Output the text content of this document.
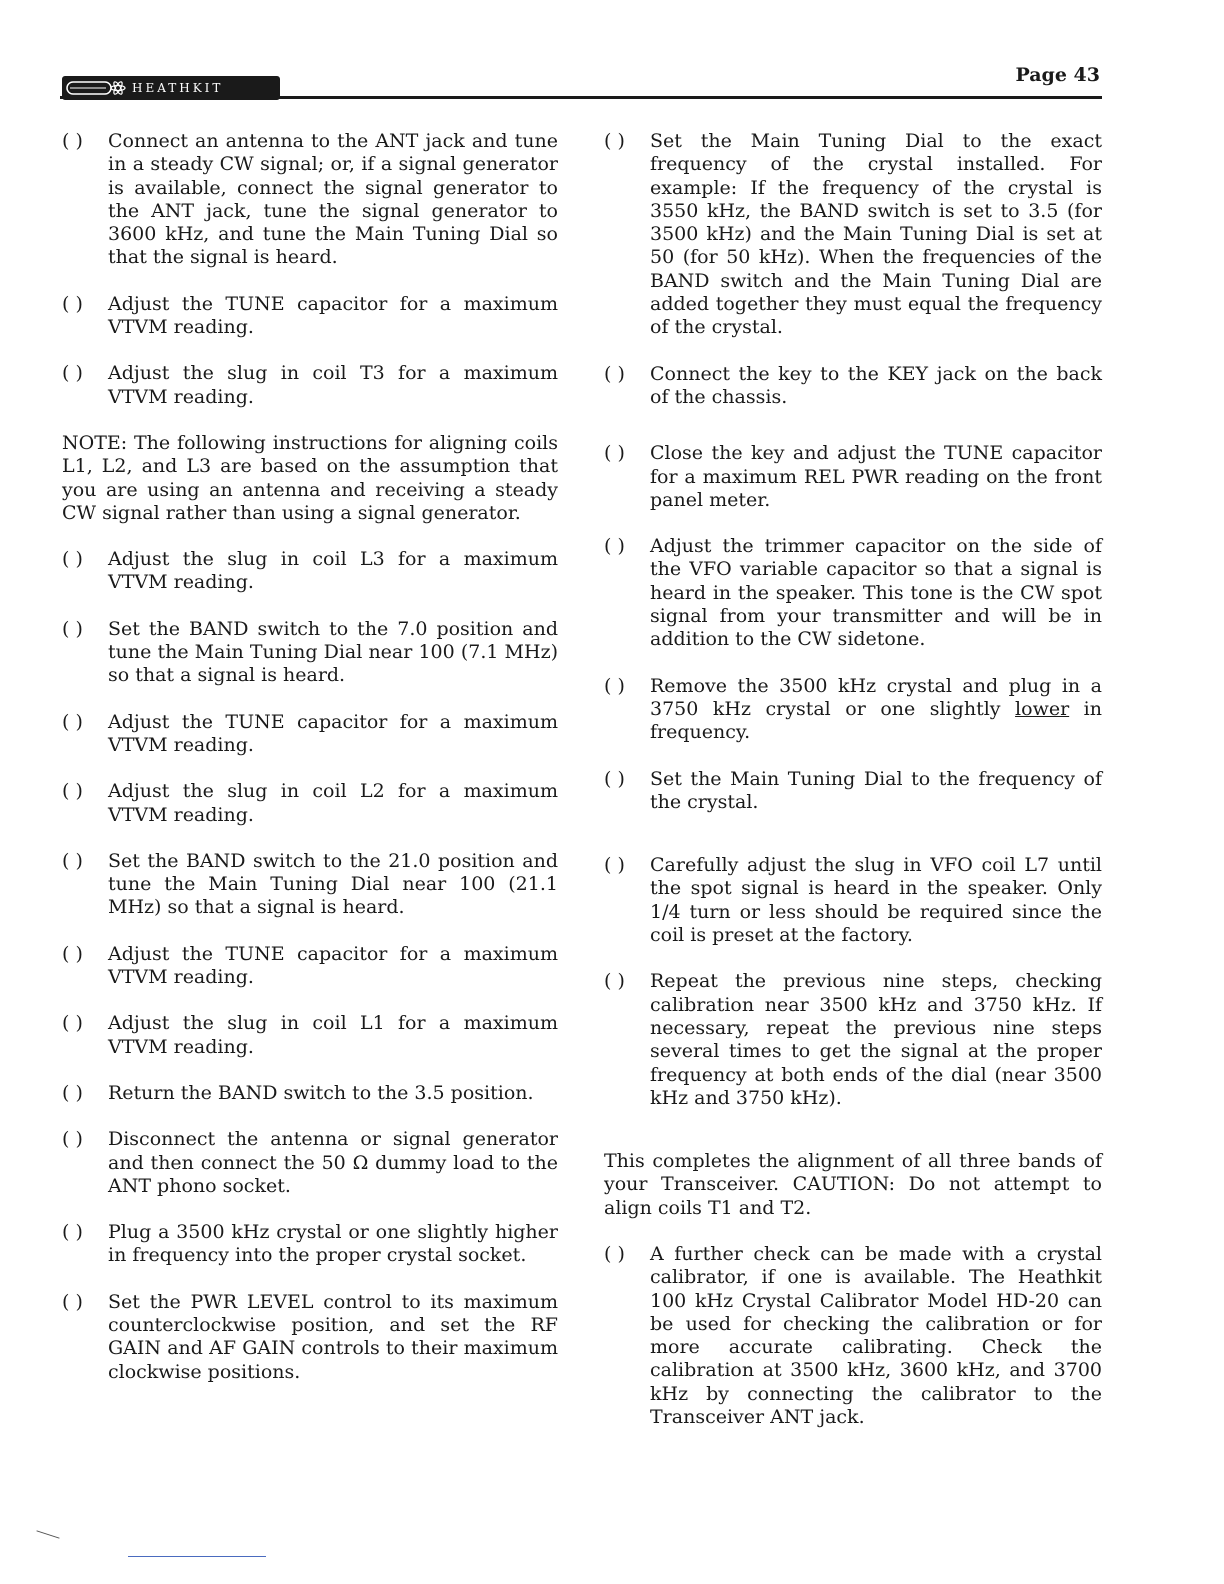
HEATHKIT
Page 43
( )	Connect an antenna to the ANT jack and tune in a steady CW signal; or, if a signal generator is available, connect the signal generator to the ANT jack, tune the signal generator to 3600 kHz, and tune the Main Tuning Dial so that the signal is heard.
( )	Adjust the TUNE capacitor for a maximum VTVM reading.
( )	Adjust the slug in coil T3 for a maximum VTVM reading.
NOTE: The following instructions for aligning coils L1, L2, and L3 are based on the assumption that you are using an antenna and receiving a steady CW signal rather than using a signal generator.
( )	Adjust the slug in coil L3 for a maximum VTVM reading.
( )	Set the BAND switch to the 7.0 position and tune the Main Tuning Dial near 100 (7.1 MHz) so that a signal is heard.
( )	Adjust the TUNE capacitor for a maximum VTVM reading.
( )	Adjust the slug in coil L2 for a maximum VTVM reading.
( )	Set the BAND switch to the 21.0 position and tune the Main Tuning Dial near 100 (21.1 MHz) so that a signal is heard.
( )	Adjust the TUNE capacitor for a maximum VTVM reading.
( )	Adjust the slug in coil L1 for a maximum VTVM reading.
( )	Return the BAND switch to the 3.5 position.
( )	Disconnect the antenna or signal generator and then connect the 50 Ω dummy load to the ANT phono socket.
( )	Plug a 3500 kHz crystal or one slightly higher in frequency into the proper crystal socket.
( )	Set the PWR LEVEL control to its maximum counterclockwise position, and set the RF GAIN and AF GAIN controls to their maximum clockwise positions.
( )	Set the Main Tuning Dial to the exact frequency of the crystal installed. For example: If the frequency of the crystal is 3550 kHz, the BAND switch is set to 3.5 (for 3500 kHz) and the Main Tuning Dial is set at 50 (for 50 kHz). When the frequencies of the BAND switch and the Main Tuning Dial are added together they must equal the frequency of the crystal.
( )	Connect the key to the KEY jack on the back of the chassis.
( )	Close the key and adjust the TUNE capacitor for a maximum REL PWR reading on the front panel meter.
( )	Adjust the trimmer capacitor on the side of the VFO variable capacitor so that a signal is heard in the speaker. This tone is the CW spot signal from your transmitter and will be in addition to the CW sidetone.
( )	Remove the 3500 kHz crystal and plug in a 3750 kHz crystal or one slightly lower in frequency.
( )	Set the Main Tuning Dial to the frequency of the crystal.
( )	Carefully adjust the slug in VFO coil L7 until the spot signal is heard in the speaker. Only 1/4 turn or less should be required since the coil is preset at the factory.
( )	Repeat the previous nine steps, checking calibration near 3500 kHz and 3750 kHz. If necessary, repeat the previous nine steps several times to get the signal at the proper frequency at both ends of the dial (near 3500 kHz and 3750 kHz).
This completes the alignment of all three bands of your Transceiver. CAUTION: Do not attempt to align coils T1 and T2.
( )	A further check can be made with a crystal calibrator, if one is available. The Heathkit 100 kHz Crystal Calibrator Model HD-20 can be used for checking the calibration or for more accurate calibrating. Check the calibration at 3500 kHz, 3600 kHz, and 3700 kHz by connecting the calibrator to the Transceiver ANT jack.
